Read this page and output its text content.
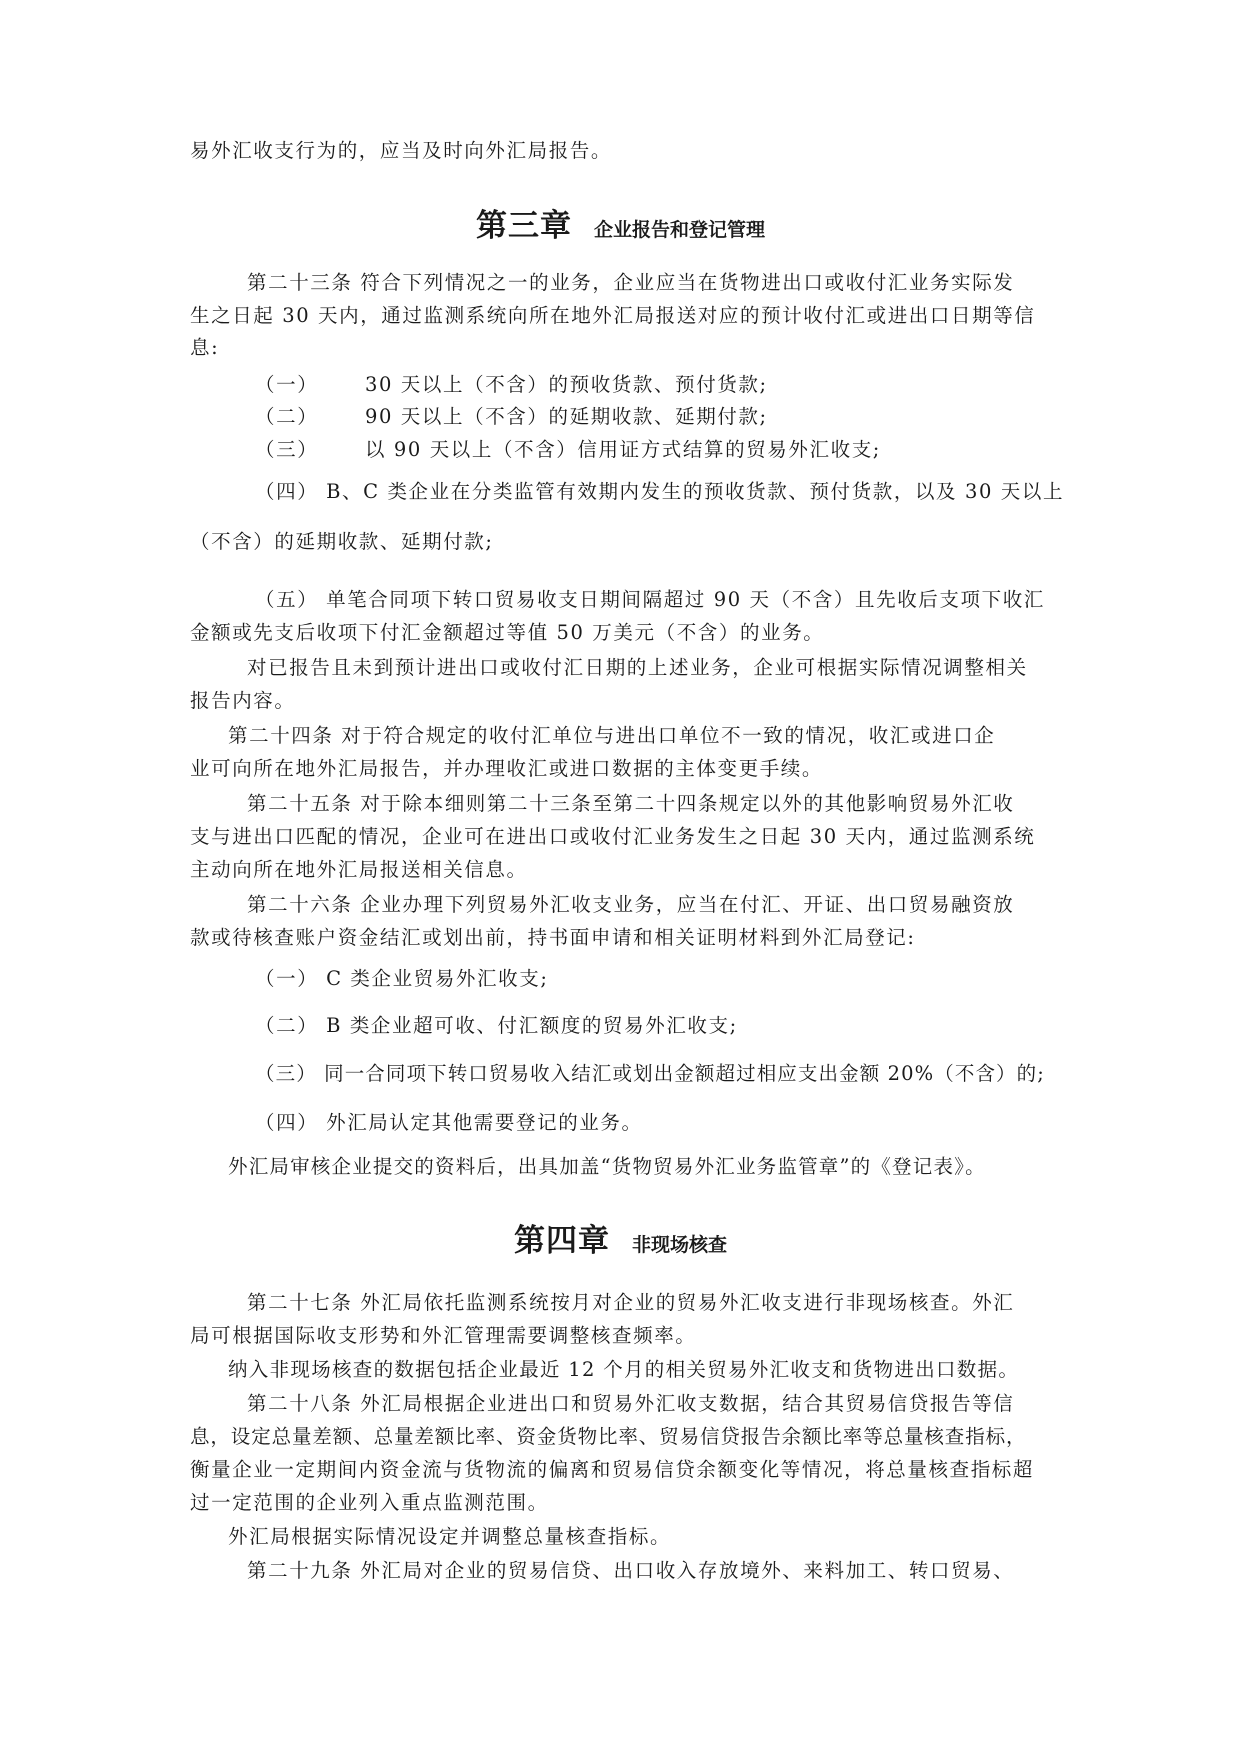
易外汇收支行为的，应当及时向外汇局报告。
第三章 企业报告和登记管理
第二十三条 符合下列情况之一的业务，企业应当在货物进出口或收付汇业务实际发
生之日起 30 天内，通过监测系统向所在地外汇局报送对应的预计收付汇或进出口日期等信
息:
（一） 30 天以上（不含）的预收货款、预付货款;
（二） 90 天以上（不含）的延期收款、延期付款;
（三） 以 90 天以上（不含）信用证方式结算的贸易外汇收支;
（四） B、C 类企业在分类监管有效期内发生的预收货款、预付货款，以及 30 天以上
（不含）的延期收款、延期付款;
（五） 单笔合同项下转口贸易收支日期间隔超过 90 天（不含）且先收后支项下收汇
金额或先支后收项下付汇金额超过等值 50 万美元（不含）的业务。
对已报告且未到预计进出口或收付汇日期的上述业务，企业可根据实际情况调整相关
报告内容。
第二十四条 对于符合规定的收付汇单位与进出口单位不一致的情况，收汇或进口企
业可向所在地外汇局报告，并办理收汇或进口数据的主体变更手续。
第二十五条 对于除本细则第二十三条至第二十四条规定以外的其他影响贸易外汇收
支与进出口匹配的情况，企业可在进出口或收付汇业务发生之日起 30 天内，通过监测系统
主动向所在地外汇局报送相关信息。
第二十六条 企业办理下列贸易外汇收支业务，应当在付汇、开证、出口贸易融资放
款或待核查账户资金结汇或划出前，持书面申请和相关证明材料到外汇局登记:
（一） C 类企业贸易外汇收支;
（二） B 类企业超可收、付汇额度的贸易外汇收支;
（三） 同一合同项下转口贸易收入结汇或划出金额超过相应支出金额 20%（不含）的;
（四） 外汇局认定其他需要登记的业务。
外汇局审核企业提交的资料后，出具加盖“货物贸易外汇业务监管章”的《登记表》。
第四章 非现场核查
第二十七条 外汇局依托监测系统按月对企业的贸易外汇收支进行非现场核查。外汇
局可根据国际收支形势和外汇管理需要调整核查频率。
纳入非现场核查的数据包括企业最近 12 个月的相关贸易外汇收支和货物进出口数据。
第二十八条 外汇局根据企业进出口和贸易外汇收支数据，结合其贸易信贷报告等信
息，设定总量差额、总量差额比率、资金货物比率、贸易信贷报告余额比率等总量核查指标，
衡量企业一定期间内资金流与货物流的偏离和贸易信贷余额变化等情况，将总量核查指标超
过一定范围的企业列入重点监测范围。
外汇局根据实际情况设定并调整总量核查指标。
第二十九条 外汇局对企业的贸易信贷、出口收入存放境外、来料加工、转口贸易、
